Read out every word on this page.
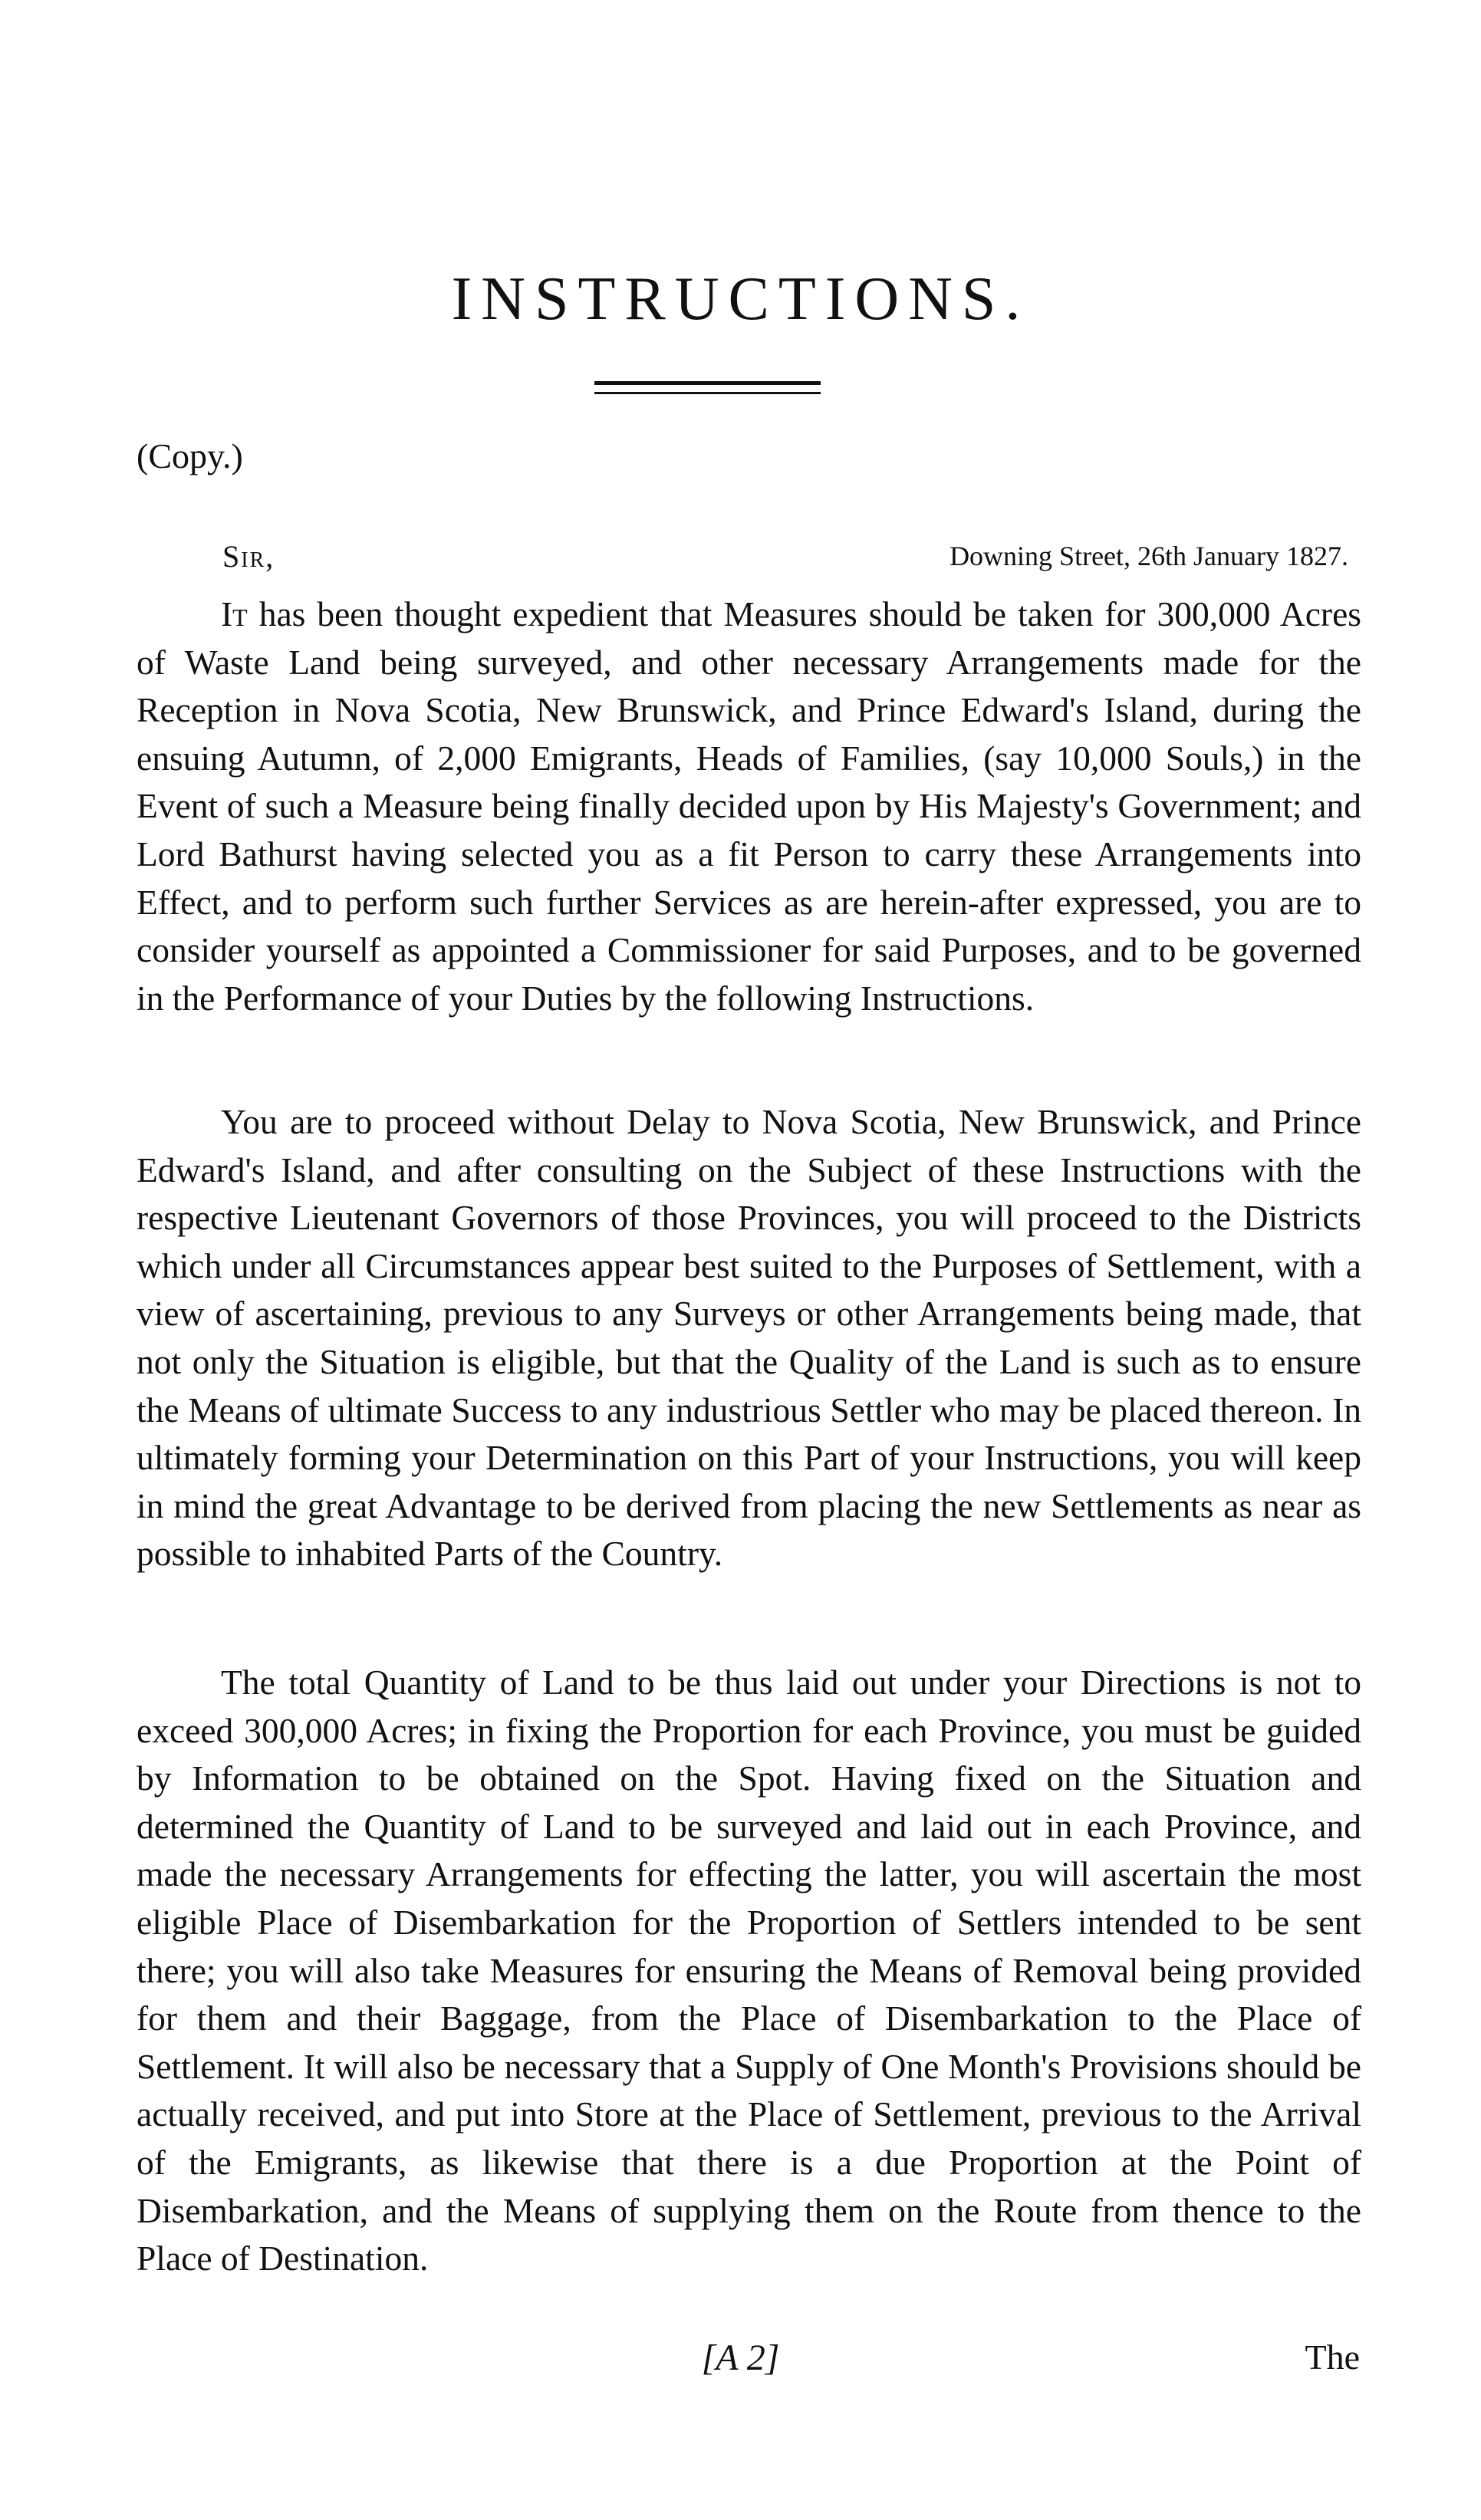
INSTRUCTIONS.
(Copy.)
Sir,	Downing Street, 26th January 1827.

It has been thought expedient that Measures should be taken for 300,000 Acres of Waste Land being surveyed, and other necessary Arrangements made for the Reception in Nova Scotia, New Brunswick, and Prince Edward's Island, during the ensuing Autumn, of 2,000 Emigrants, Heads of Families, (say 10,000 Souls,) in the Event of such a Measure being finally decided upon by His Majesty's Government; and Lord Bathurst having selected you as a fit Person to carry these Arrangements into Effect, and to perform such further Services as are herein-after expressed, you are to consider yourself as appointed a Commissioner for said Purposes, and to be governed in the Performance of your Duties by the following Instructions.

You are to proceed without Delay to Nova Scotia, New Brunswick, and Prince Edward's Island, and after consulting on the Subject of these Instructions with the respective Lieutenant Governors of those Provinces, you will proceed to the Districts which under all Circumstances appear best suited to the Purposes of Settlement, with a view of ascertaining, previous to any Surveys or other Arrangements being made, that not only the Situation is eligible, but that the Quality of the Land is such as to ensure the Means of ultimate Success to any industrious Settler who may be placed thereon. In ultimately forming your Determination on this Part of your Instructions, you will keep in mind the great Advantage to be derived from placing the new Settlements as near as possible to inhabited Parts of the Country.

The total Quantity of Land to be thus laid out under your Directions is not to exceed 300,000 Acres; in fixing the Proportion for each Province, you must be guided by Information to be obtained on the Spot. Having fixed on the Situation and determined the Quantity of Land to be surveyed and laid out in each Province, and made the necessary Arrangements for effecting the latter, you will ascertain the most eligible Place of Disembarkation for the Proportion of Settlers intended to be sent there; you will also take Measures for ensuring the Means of Removal being provided for them and their Baggage, from the Place of Disembarkation to the Place of Settlement. It will also be necessary that a Supply of One Month's Provisions should be actually received, and put into Store at the Place of Settlement, previous to the Arrival of the Emigrants, as likewise that there is a due Proportion at the Point of Disembarkation, and the Means of supplying them on the Route from thence to the Place of Destination.

[A 2]	The
